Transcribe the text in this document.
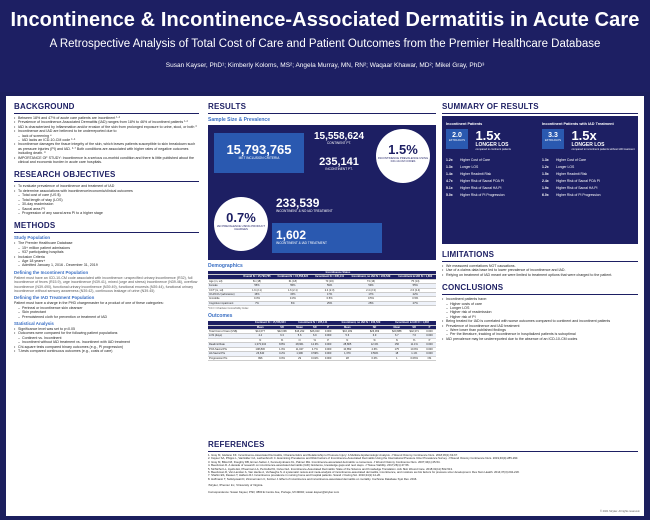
Incontinence & Incontinence-Associated Dermatitis in Acute Care
A Retrospective Analysis of Total Cost of Care and Patient Outcomes from the Premier Healthcare Database
Susan Kayser, PhD¹; Kimberly Koloms, MS²; Angela Murray, MN, RN²; Waqaar Khawar, MD²; Mikel Gray, PhD³
BACKGROUND
• Between 18% and 47% of acute care patients are incontinent ¹·²
• Prevalence of Incontinence-Associated Dermatitis (IAD) ranges from 18% to 46% of incontinent patients ¹·²
• IAD is characterized by inflammation and/or erosion of the skin from prolonged exposure to urine, stool, or both ³
• Incontinence and IAD are believed to be underreported due to
– lack of screening ⁴
– IAD lacks an ICD-10-CM code ⁵·⁶
• Incontinence damages the tissue integrity of the skin, which leaves patients susceptible to skin breakdown such as pressure injuries (PI) and IAD. ⁶·⁷ Both conditions are associated with higher rates of negative outcomes including death. ⁸
• IMPORTANCE OF STUDY: Incontinence is a serious co-morbid condition and there is little published about the clinical and economic burden in acute care hospitals.
RESEARCH OBJECTIVES
• To evaluate prevalence of incontinence and treatment of IAD
• To determine associations with incontinence/economic/clinical outcomes
– Total cost of care (US $)
– Total length of stay (LOS)
– 30-day readmission
– Sacral area PI
– Progression of any sacral area PI to a higher stage
METHODS
Study Population
• The Premier Healthcare Database
– 15+ million patient admissions
– 937 participating hospitals
• Inclusion Criteria
– Age 18 years+
– Admitted January 1, 2016 - December 31, 2019
Defining the Incontinent Population

Patient must have an ICD-10-CM code associated with incontinence: unspecified urinary incontinence (R32), full incontinence of feces (R15.9), urge incontinence (N39.41), mixed (urge and stress) incontinence (N39.46), overflow incontinence (N39.490), functional urinary incontinence (N39.49), functional enuresis (N39.44), functional urinary incontinence without sensory awareness (N39.42), continuous leakage of urine (N39.45)

Defining the IAD Treatment Population

Patient must have a charge in the PHD chargemaster for a product of one of these categories:

– Perineal or incontinence skin cleanser
– Skin protectant
– Premoistened cloth for prevention or treatment of IAD
Statistical Analysis
• Significance level was set to p<0.05
• Outcomes were compared for the following patient populations
– Continent vs. Incontinent
– Incontinent without IAD treatment vs. Incontinent with IAD treatment
• Chi-square tests compared binary outcomes (e.g., PI progression)
• T-tests compared continuous outcomes (e.g., costs of care)
RESULTS
Sample Size & Prevalence
15,793,765
MET INCLUSION CRITERIA
15,558,624
CONTINENT PT.
235,141
INCONTINENT PT.
1.5%
INCONTINENCE PREVALENCE USING ICD-10-CM CODES
0.7%
IAD PREVALENCE USING PRODUCT CHARGES
233,539
INCONTINENT & NO IAD TREATMENT
1,602
INCONTINENT & IAD TREATMENT
Demographics
	Incontinence Status				
	Overall N = 15,793,765	Continent N = 15,558,624	Incontinent N = 235,141	Incontinent, no IAD N = 233,539	Incontinent & IAD N = 1,602
Age (m, sd)	61 (18)	61 (18)	73 (16)	73 (16)	75 (14)
Female	55%	55%	59%	59%	55%
CCI* (m, sd)	1.6 (2.1)	1.6 (2.1)	2.4 (2.3)	2.4 (2.3)	2.6 (2.4)
ICU/ICCU (admission)	15%	15%	17%	17%	22%
Immobile	0.3%	0.3%	0.5%	0.5%	0.5%
Cognitive impairment	7%	6%	25%	25%	27%
*CCI = Charlson Comorbidity Index
Outcomes
	Continent N = 15,558,624		Incontinent N = 235,141			Incontinent, no IAD N = 233,539		Incontinent & IAD N = 1,602		
	Mean	SD	Mean	SD	P	Mean	SD	Mean	SD	P
Total Cost of Care (US$)	$14,077	$22,096	$16,232	$26,023	0.000	$16,199	$26,069	$20,888	$42,371	0.000
LOS (days)	4.4	6.3	5.6	6.9	0.000	5.6	6.9	6.7	7.6	0.000
	N	%	N	%	P	N	%	N	%	P
Readmit Rate	1,373,334	8.8%	28,961	12.3%	0.000	28,805	12.3%	156	11.1%	0.000
POA Sacral PIs	108,830	1.0%	11,027	4.7%	0.000	10,852	4.6%	175	10.9%	0.000
HA Sacral PIs	26,640	0.2%	1,396	0.59%	0.000	1,379	0.59%	18	1.1%	0.000
Progression PIs	996	0.0%	29	0.01%	0.000	28	0.0%	1	0.06%	NS
SUMMARY OF RESULTS
Incontinent Patients
2.0
EXTRA DAYS
1.5x
LONGER LOS
compared to continent patients
1.2x Higher Cost of Care
1.3x Longer LOS
1.4x Higher Readmit Risk
4.7x Higher Risk of Sacral POA PI
5.1x Higher Risk of Sacral HA PI
5.0x Higher Risk of PI Progression
Incontinent Patients with IAD Treatment
3.3
EXTRA DAYS
1.5x
LONGER LOS
compared to incontinent patients without IAD treatment
1.3x Higher Cost of Care
1.2x Longer LOS
1.5x Higher Readmit Risk
2.4x Higher Risk of Sacral POA PI
1.9x Higher Risk of Sacral HA PI
6.0x Higher Risk of PI Progression
LIMITATIONS
• We measured correlations NOT causations.
• Use of a claims data base led to lower prevalence of incontinence and IAD.
• Relying on treatment of IAD meant we were limited to treatment options that were charged to the patient.
CONCLUSIONS
• Incontinent patients have:
– Higher costs of care
– Longer LOS
– Higher risk of readmission
– Higher risk of PI
• Being treated for IAD is correlated with worse outcomes compared to continent and incontinent patients
• Prevalence of Incontinence and IAD treatment
– Were lower than published findings
– Per the literature, tracking of incontinence in hospitalized patients is suboptimal
• IAD prevalence may be underreported due to the absence of an ICD-10-CM codes
REFERENCES

1. Gray M, Giuliano KK. Incontinence-Associated Dermatitis, Characteristics and Relationship to Pressure Injury: A Multisite Epidemiologic Analysis. J Wound Ostomy Continence Nurs. 2018;45(1):63-67.

2. Kayser SA, Phipps L, VanGilder CA, Lachenbruch C. Examining Prevalence and Risk Factors of Incontinence-Associated Dermatitis Using the International Pressure Ulcer Prevalence Survey. J Wound Ostomy Continence Nurs. 2019;46(4):285-290.

3. Gray M, Bliss DZ, Doughty DB, Ermer-Seltun J, Kennedy-Evans KL, Palmer MH. Incontinence-associated dermatitis: a consensus. J Wound Ostomy Continence Nurs. 2007;34(1):45-54.

4. Beeckman D. A decade of research on incontinence-associated dermatitis (IAD): Evidence, knowledge gaps and next steps. J Tissue Viability. 2017;26(1):47-56.

5. McNichol LL, Ayello EA, Phearman LA, Pezzella PA, Culver EA. Incontinence-Associated Dermatitis: State of the Science and Knowledge Translation. Adv Skin Wound Care. 2018;31(11):502-513.

6. Beeckman D, Van Lancker A, Van Hecke A, Verhaeghe S. A systematic review and meta-analysis of incontinence-associated dermatitis, incontinence, and moisture as risk factors for pressure ulcer development. Res Nurs Health. 2014;37(3):204-218.

7. Shahin ES, Dassen T, Halfens RJ. Incontinence prevalence in nursing home and hospital patients. Scand J Caring Sci. 2010;24(1):12-20.

8. Hoffmann T, Sulistyowati D, Zimmermann C, Kottner J. Effect of incontinence and incontinence-associated dermatitis on mortality. Cochrane Database Syst Rev. 2016.

¹Stryker, ²Premier Inc, ³University of Virginia.
Correspondence: Susan Kayser, PhD; 3800 E Centre Ave, Portage, MI 49002; susan.kayser@stryker.com
© 2021 Stryker. All rights reserved.
